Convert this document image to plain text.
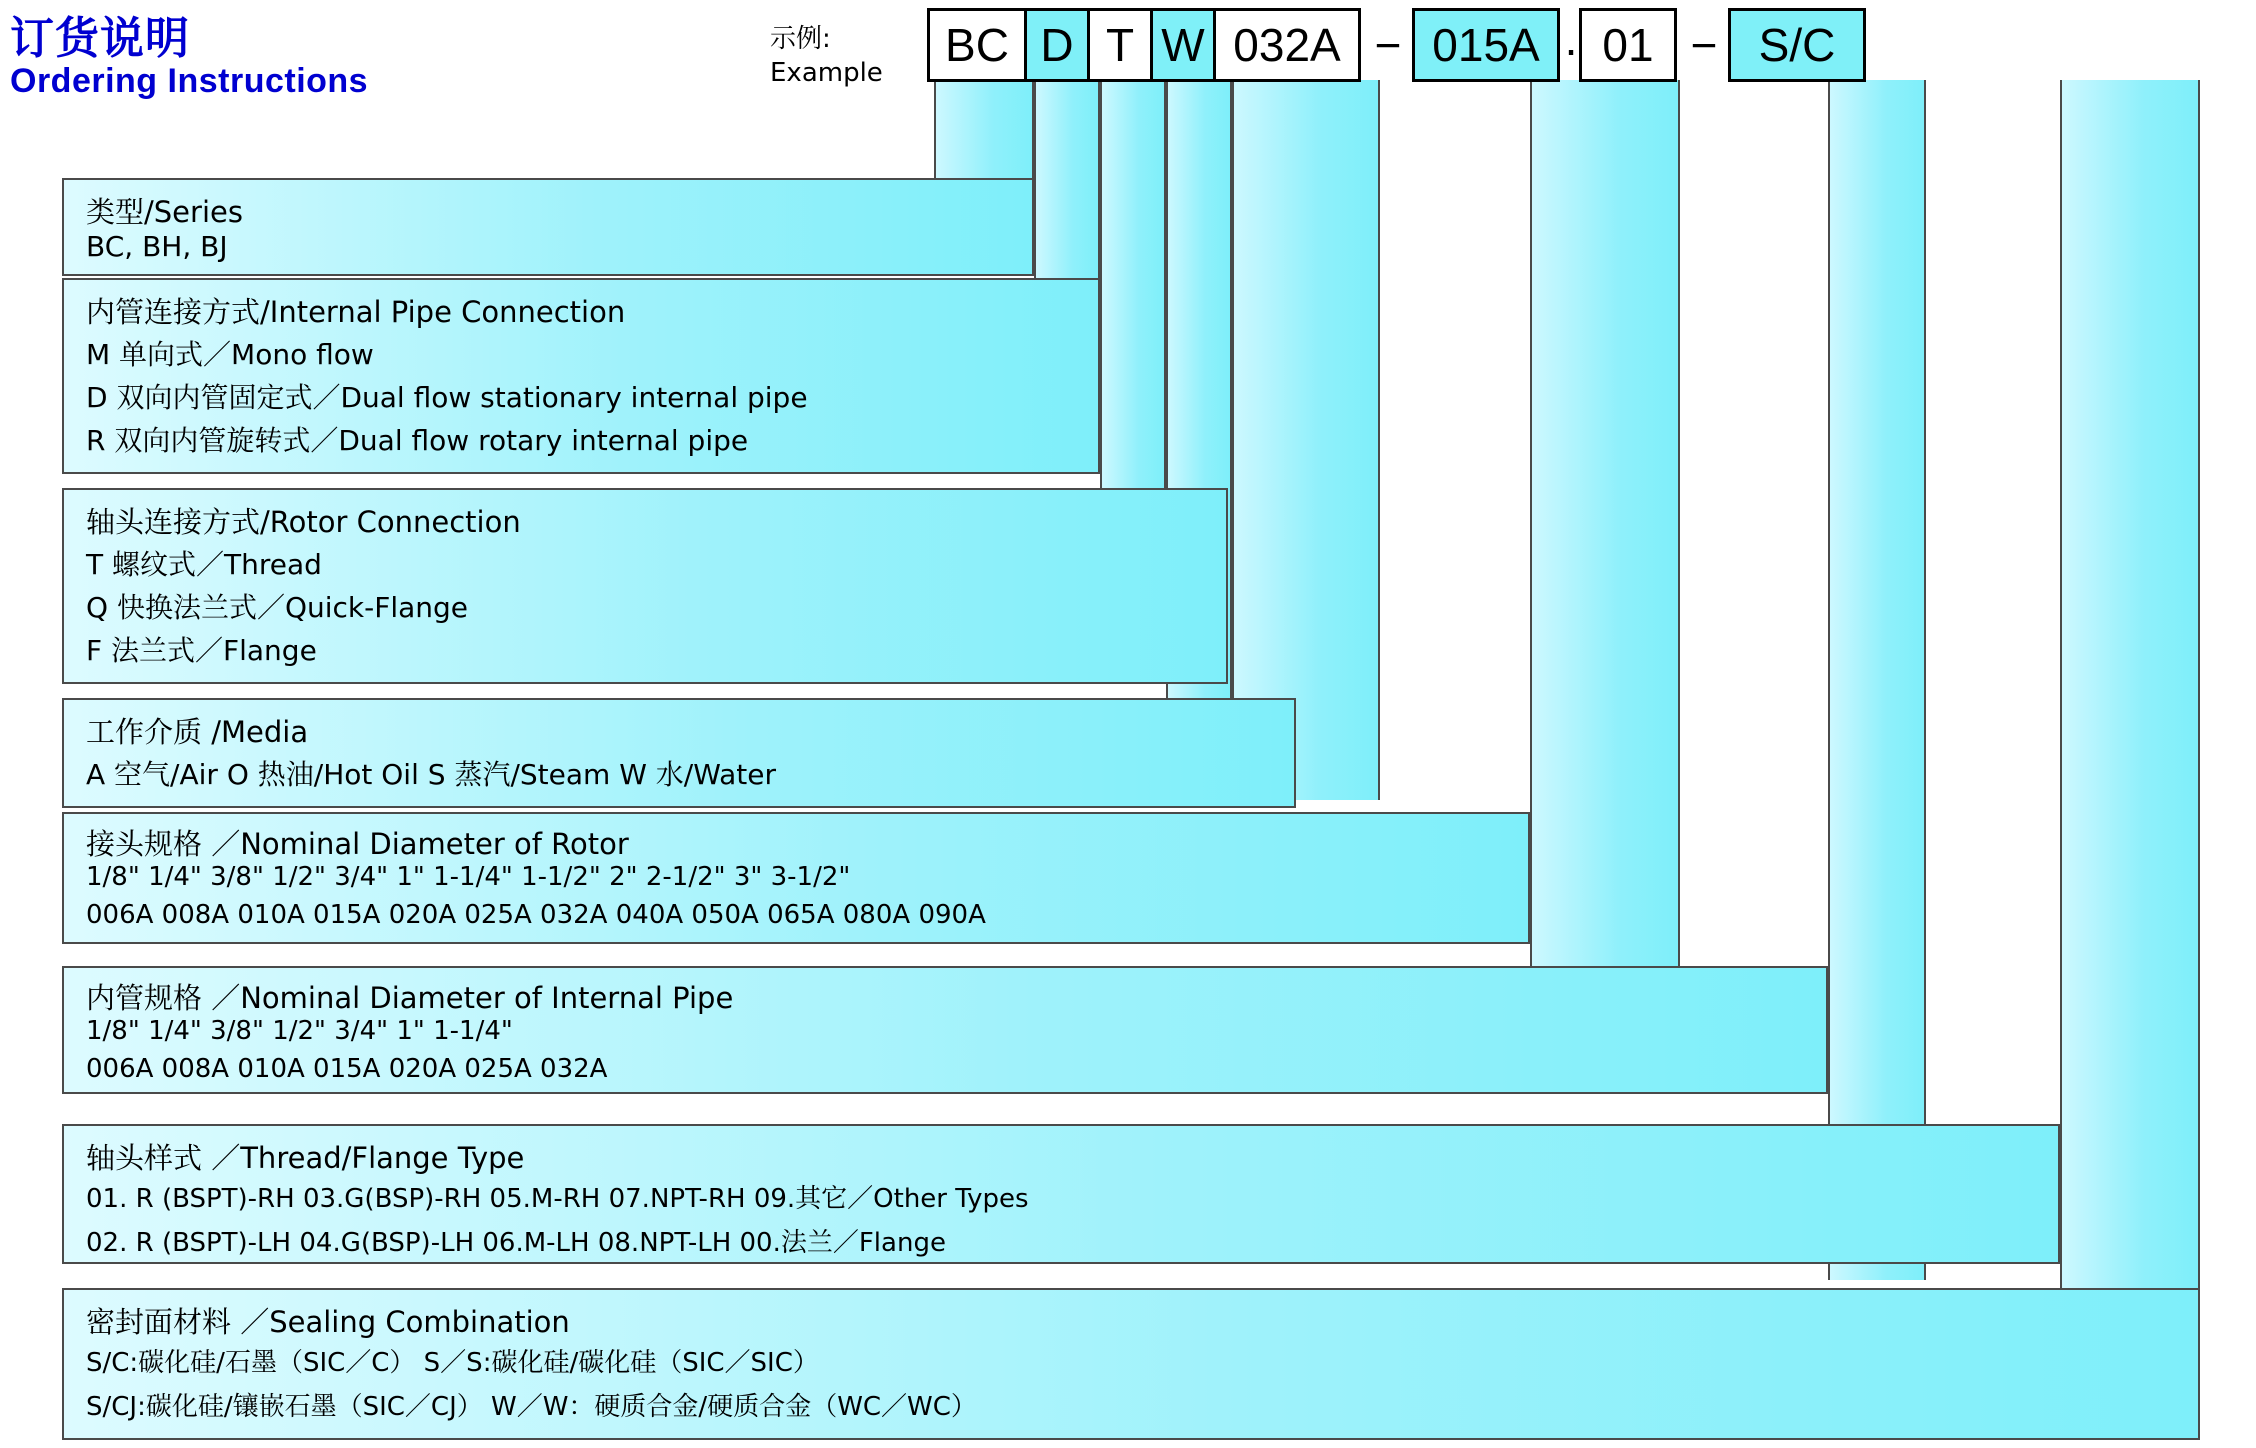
订货说明
Ordering Instructions
示例:
Example
BC D T W 032A − 015A · 01 − S/C
类型/Series
BC, BH, BJ
内管连接方式/Internal Pipe Connection
M 单向式／Mono flow
D 双向内管固定式／Dual flow stationary internal pipe
R 双向内管旋转式／Dual flow rotary internal pipe
轴头连接方式/Rotor Connection
T 螺纹式／Thread
Q 快换法兰式／Quick-Flange
F 法兰式／Flange
工作介质 /Media
A 空气/Air O 热油/Hot Oil S 蒸汽/Steam W 水/Water
接头规格 ／Nominal Diameter of Rotor
1/8" 1/4" 3/8" 1/2" 3/4" 1" 1-1/4" 1-1/2" 2" 2-1/2" 3" 3-1/2"
006A 008A 010A 015A 020A 025A 032A 040A 050A 065A 080A 090A
内管规格 ／Nominal Diameter of Internal Pipe
1/8" 1/4" 3/8" 1/2" 3/4" 1" 1-1/4"
006A 008A 010A 015A 020A 025A 032A
轴头样式 ／Thread/Flange Type
01. R (BSPT)-RH 03.G(BSP)-RH 05.M-RH 07.NPT-RH 09.其它／Other Types
02. R (BSPT)-LH 04.G(BSP)-LH 06.M-LH 08.NPT-LH 00.法兰／Flange
密封面材料 ／Sealing Combination
S/C:碳化硅/石墨（SIC／C） S／S:碳化硅/碳化硅（SIC／SIC）
S/CJ:碳化硅/镶嵌石墨（SIC／CJ） W／W：硬质合金/硬质合金（WC／WC）
